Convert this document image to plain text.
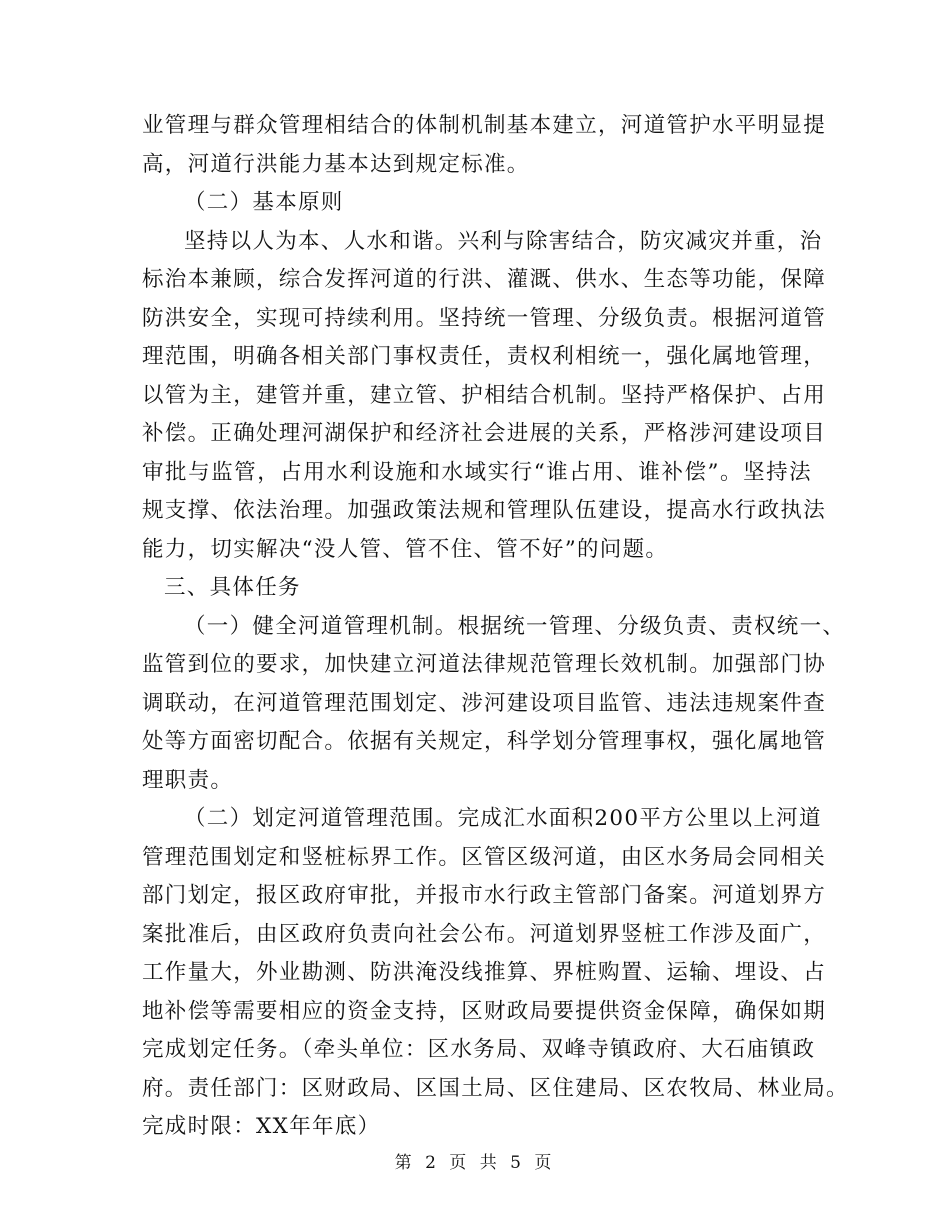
业管理与群众管理相结合的体制机制基本建立，河道管护水平明显提
高，河道行洪能力基本达到规定标准。
（二）基本原则
坚持以人为本、人水和谐。兴利与除害结合，防灾减灾并重，治
标治本兼顾，综合发挥河道的行洪、灌溉、供水、生态等功能，保障
防洪安全，实现可持续利用。坚持统一管理、分级负责。根据河道管
理范围，明确各相关部门事权责任，责权利相统一，强化属地管理，
以管为主，建管并重，建立管、护相结合机制。坚持严格保护、占用
补偿。正确处理河湖保护和经济社会进展的关系，严格涉河建设项目
审批与监管，占用水利设施和水域实行“谁占用、谁补偿”。坚持法
规支撑、依法治理。加强政策法规和管理队伍建设，提高水行政执法
能力，切实解决“没人管、管不住、管不好”的问题。
三、具体任务
（一）健全河道管理机制。根据统一管理、分级负责、责权统一、
监管到位的要求，加快建立河道法律规范管理长效机制。加强部门协
调联动，在河道管理范围划定、涉河建设项目监管、违法违规案件查
处等方面密切配合。依据有关规定，科学划分管理事权，强化属地管
理职责。
（二）划定河道管理范围。完成汇水面积200平方公里以上河道
管理范围划定和竖桩标界工作。区管区级河道，由区水务局会同相关
部门划定，报区政府审批，并报市水行政主管部门备案。河道划界方
案批准后，由区政府负责向社会公布。河道划界竖桩工作涉及面广，
工作量大，外业勘测、防洪淹没线推算、界桩购置、运输、埋设、占
地补偿等需要相应的资金支持，区财政局要提供资金保障，确保如期
完成划定任务。（牵头单位：区水务局、双峰寺镇政府、大石庙镇政
府。责任部门：区财政局、区国土局、区住建局、区农牧局、林业局。
完成时限：XX年年底）
第 2 页 共 5 页
